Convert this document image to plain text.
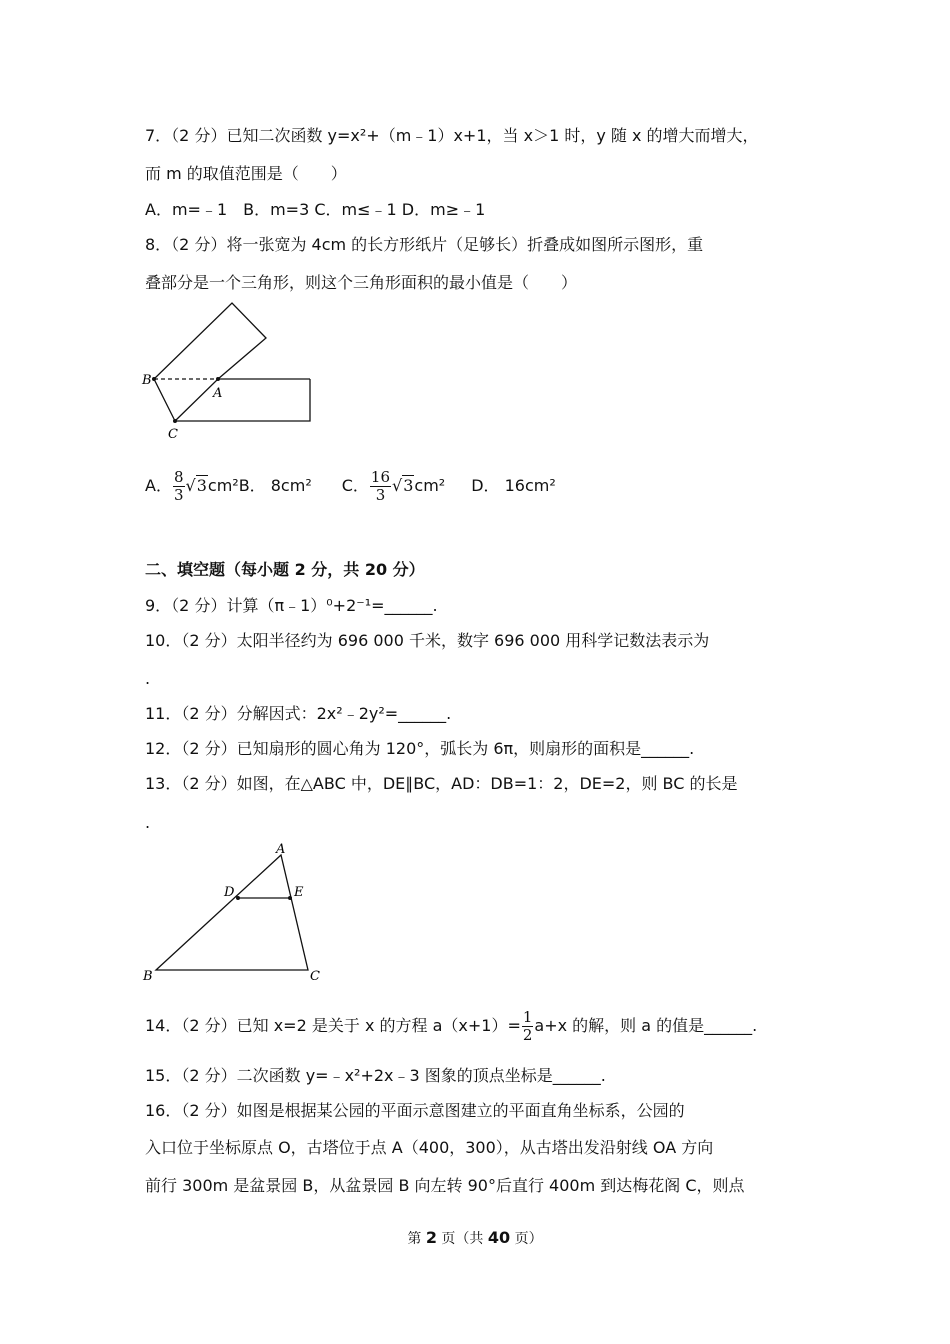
7．（2 分）已知二次函数 y=x²+（m﹣1）x+1，当 x＞1 时，y 随 x 的增大而增大，
而 m 的取值范围是（　　）
A．m=﹣1　B．m=3 C．m≤﹣1 D．m≥﹣1
8．（2 分）将一张宽为 4cm 的长方形纸片（足够长）折叠成如图所示图形，重
叠部分是一个三角形，则这个三角形面积的最小值是（　　）
B
A
C
A． $\frac{8}{3} √3cm^2B$． 8cm² C． $\frac{16}{3} √3cm^2$ D． 16cm²
二、填空题（每小题 2 分，共 20 分）
9．（2 分）计算（π﹣1）⁰+2⁻¹=______.
10．（2 分）太阳半径约为 696 000 千米，数字 696 000 用科学记数法表示为
.
11．（2 分）分解因式：2x²﹣2y²=______.
12．（2 分）已知扇形的圆心角为 120°，弧长为 6π，则扇形的面积是______.
13．（2 分）如图，在△ABC 中，DE∥BC，AD：DB=1：2，DE=2，则 BC 的长是
.
A
D	E
B	C
14．（2 分）已知 x=2 是关于 x 的方程 $a(x+1)= \frac{1}{2} a+x$ 的解，则 a 的值是______.
15．（2 分）二次函数 y=﹣x²+2x﹣3 图象的顶点坐标是______.
16．（2 分）如图是根据某公园的平面示意图建立的平面直角坐标系，公园的
入口位于坐标原点 O，古塔位于点 A（400，300），从古塔出发沿射线 OA 方向
前行 300m 是盆景园 B，从盆景园 B 向左转 90°后直行 400m 到达梅花阁 C，则点
第 2 页（共 40 页）
